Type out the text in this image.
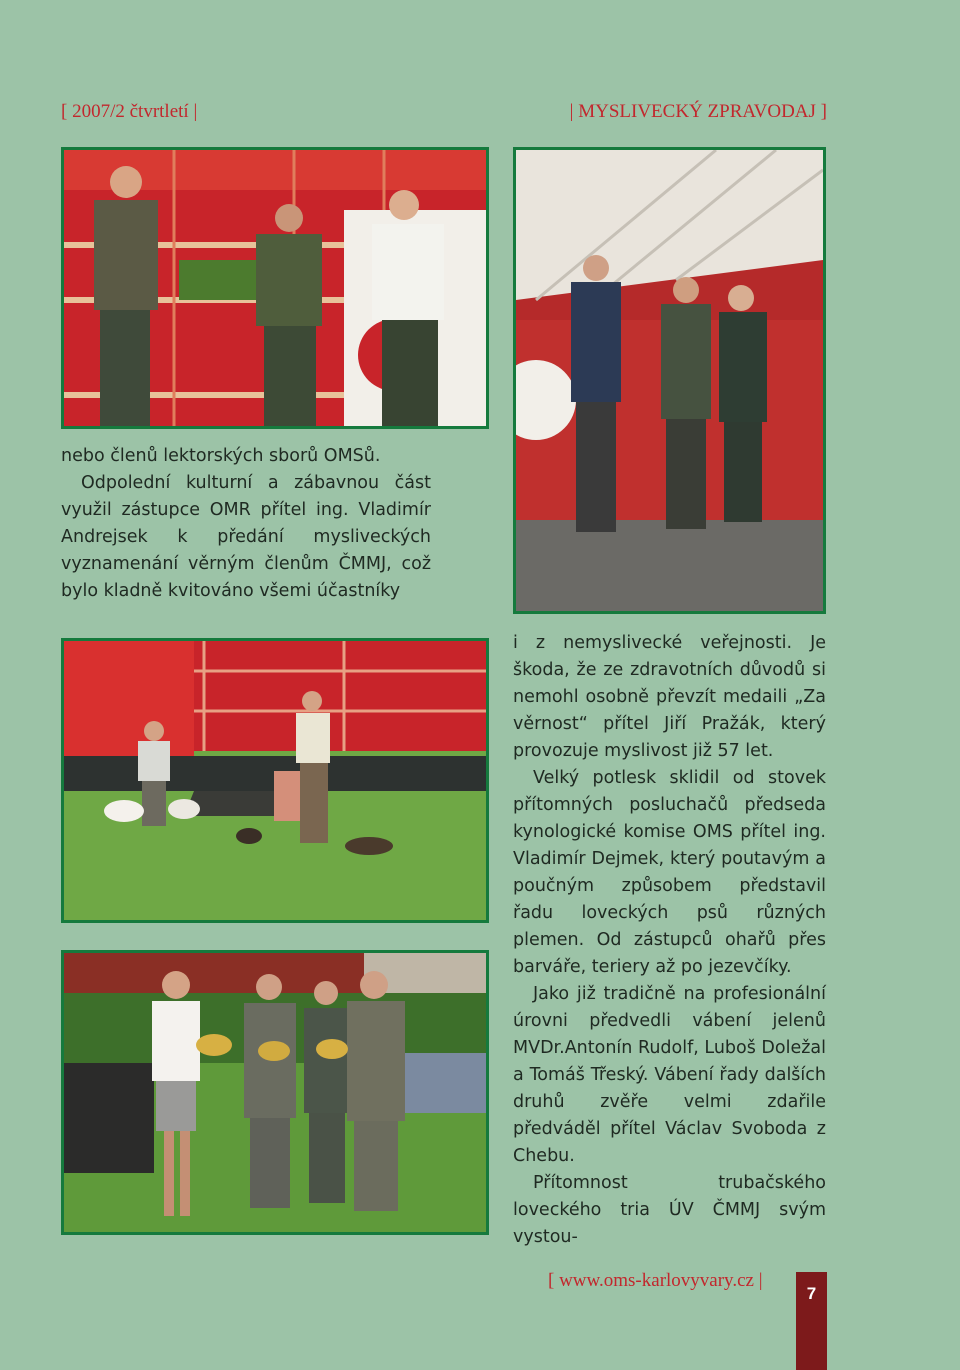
[ 2007/2 čtvrtletí |	| MYSLIVECKÝ ZPRAVODAJ ]

nebo členů lektorských sborů OMSů.

Odpolední kulturní a zábavnou část využil zástupce OMR přítel ing. Vladimír Andrejsek k předání mysliveckých vyznamenání věrným členům ČMMJ, což bylo kladně kvitováno všemi účastníky

i z nemyslivecké veřejnosti. Je škoda, že ze zdravotních důvodů si nemohl osobně převzít medaili „Za věrnost“ přítel Jiří Pražák, který provozuje myslivost již 57 let.

Velký potlesk sklidil od stovek přítomných posluchačů předseda kynologické komise OMS přítel ing. Vladimír Dejmek, který poutavým a poučným způsobem představil řadu loveckých psů různých plemen. Od zástupců ohařů přes barváře, teriery až po jezevčíky.

Jako již tradičně na profesionální úrovni předvedli vábení jelenů MVDr.Antonín Rudolf, Luboš Doležal a Tomáš Třeský. Vábení řady dalších druhů zvěře velmi zdařile předváděl přítel Václav Svoboda z Chebu.

Přítomnost trubačského loveckého tria ÚV ČMMJ svým vystou-

[ www.oms-karlovyvary.cz |
7
